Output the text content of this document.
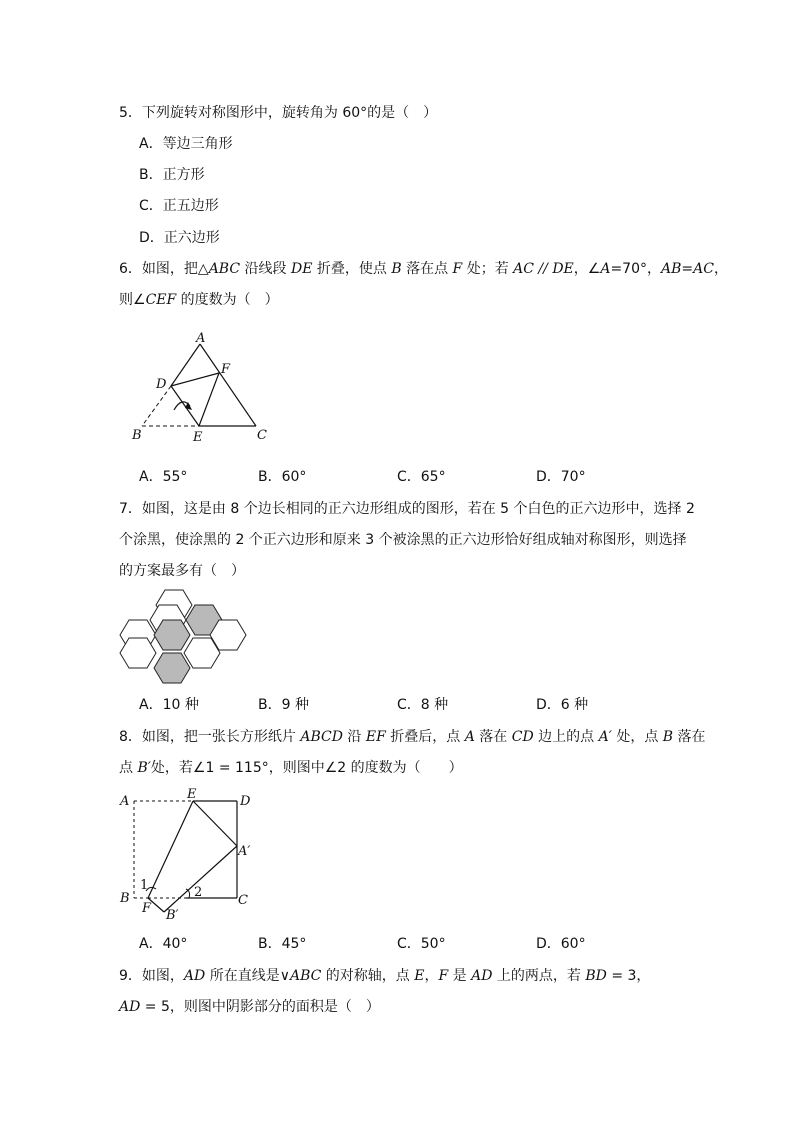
5．下列旋转对称图形中，旋转角为 60°的是（　）
A．等边三角形
B．正方形
C．正五边形
D．正六边形
6．如图，把△ABC 沿线段 DE 折叠，使点 B 落在点 F 处；若 AC // DE，∠A=70°，AB=AC，
则∠CEF 的度数为（　）
A
D
F
B	E	C
A．55°	B．60°	C．65°	D．70°
7．如图，这是由 8 个边长相同的正六边形组成的图形，若在 5 个白色的正六边形中，选择 2
个涂黑，使涂黑的 2 个正六边形和原来 3 个被涂黑的正六边形恰好组成轴对称图形，则选择
的方案最多有（　）
A．10 种	B．9 种	C．8 种	D．6 种
8．如图，把一张长方形纸片 ABCD 沿 EF 折叠后，点 A 落在 CD 边上的点 A′ 处，点 B 落在
点 B′处，若∠1 = 115°，则图中∠2 的度数为（　　）
A	E	D
A′
B
F B′
C
1	2
A．40°	B．45°	C．50°	D．60°
9．如图，AD 所在直线是∨ABC 的对称轴，点 E，F 是 AD 上的两点，若 BD = 3，
AD = 5，则图中阴影部分的面积是（　）
